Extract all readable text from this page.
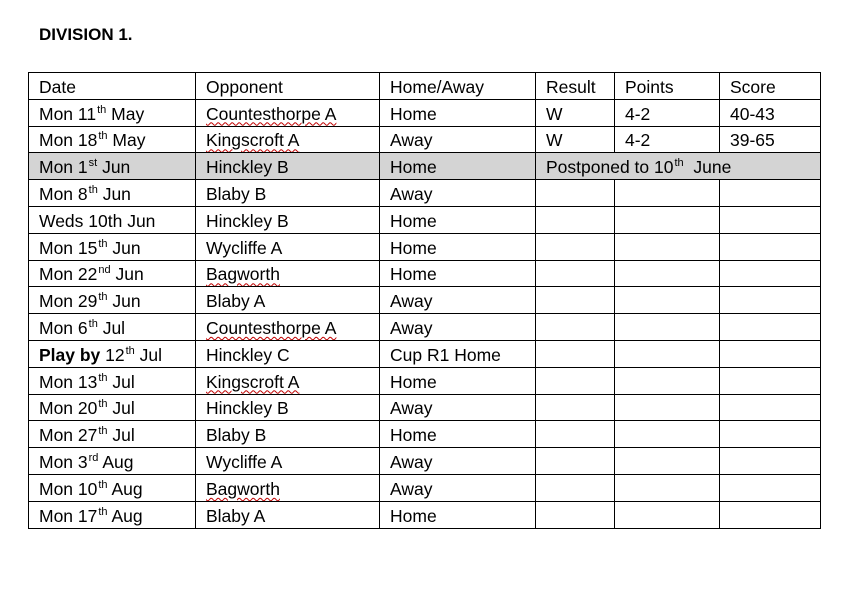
DIVISION 1.
Date	Opponent	Home/Away	Result	Points	Score
Mon 11th May	Countesthorpe A	Home	W	4-2	40-43
Mon 18th May	Kingscroft A	Away	W	4-2	39-65
Mon 1st Jun	Hinckley B	Home	Postponed to 10th  June		
Mon 8th Jun	Blaby B	Away			
Weds 10th Jun	Hinckley B	Home			
Mon 15th Jun	Wycliffe A	Home			
Mon 22nd Jun	Bagworth	Home			
Mon 29th Jun	Blaby A	Away			
Mon 6th Jul	Countesthorpe A	Away			
Play by 12th Jul	Hinckley C	Cup R1 Home			
Mon 13th Jul	Kingscroft A	Home			
Mon 20th Jul	Hinckley B	Away			
Mon 27th Jul	Blaby B	Home			
Mon 3rd Aug	Wycliffe A	Away			
Mon 10th Aug	Bagworth	Away			
Mon 17th Aug	Blaby A	Home			
